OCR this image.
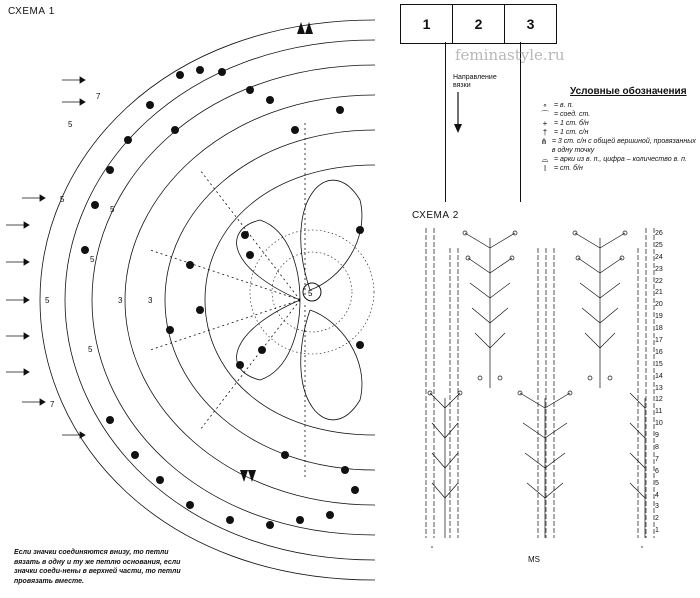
СХЕМА 1
5
5
7
5
5
3
5
7
5
3
5
Если значки соединяются внизу, то петли вязать в одну и ту же петлю основания, если значки соеди-нены в верхней части, то петли провязать вместе.
1	2	3
feminastyle.ru
Направление вязки
Условные обозначения
∘ = в. п.
⌒ = соед. ст.
+ = 1 ст. б/н
† = 1 ст. с/н
⋔ = 3 ст. с/н с общей вершиной, провязанных в одну точку
⌓ = арки из в. п., цифра – количество в. п.
ǀ	= ст. б/н
СХЕМА 2
MS
26
25
24
23
22
21
20
19
18
17
16
15
14
13
12
11
10
9
8
7
6
5
4
3
2
1
